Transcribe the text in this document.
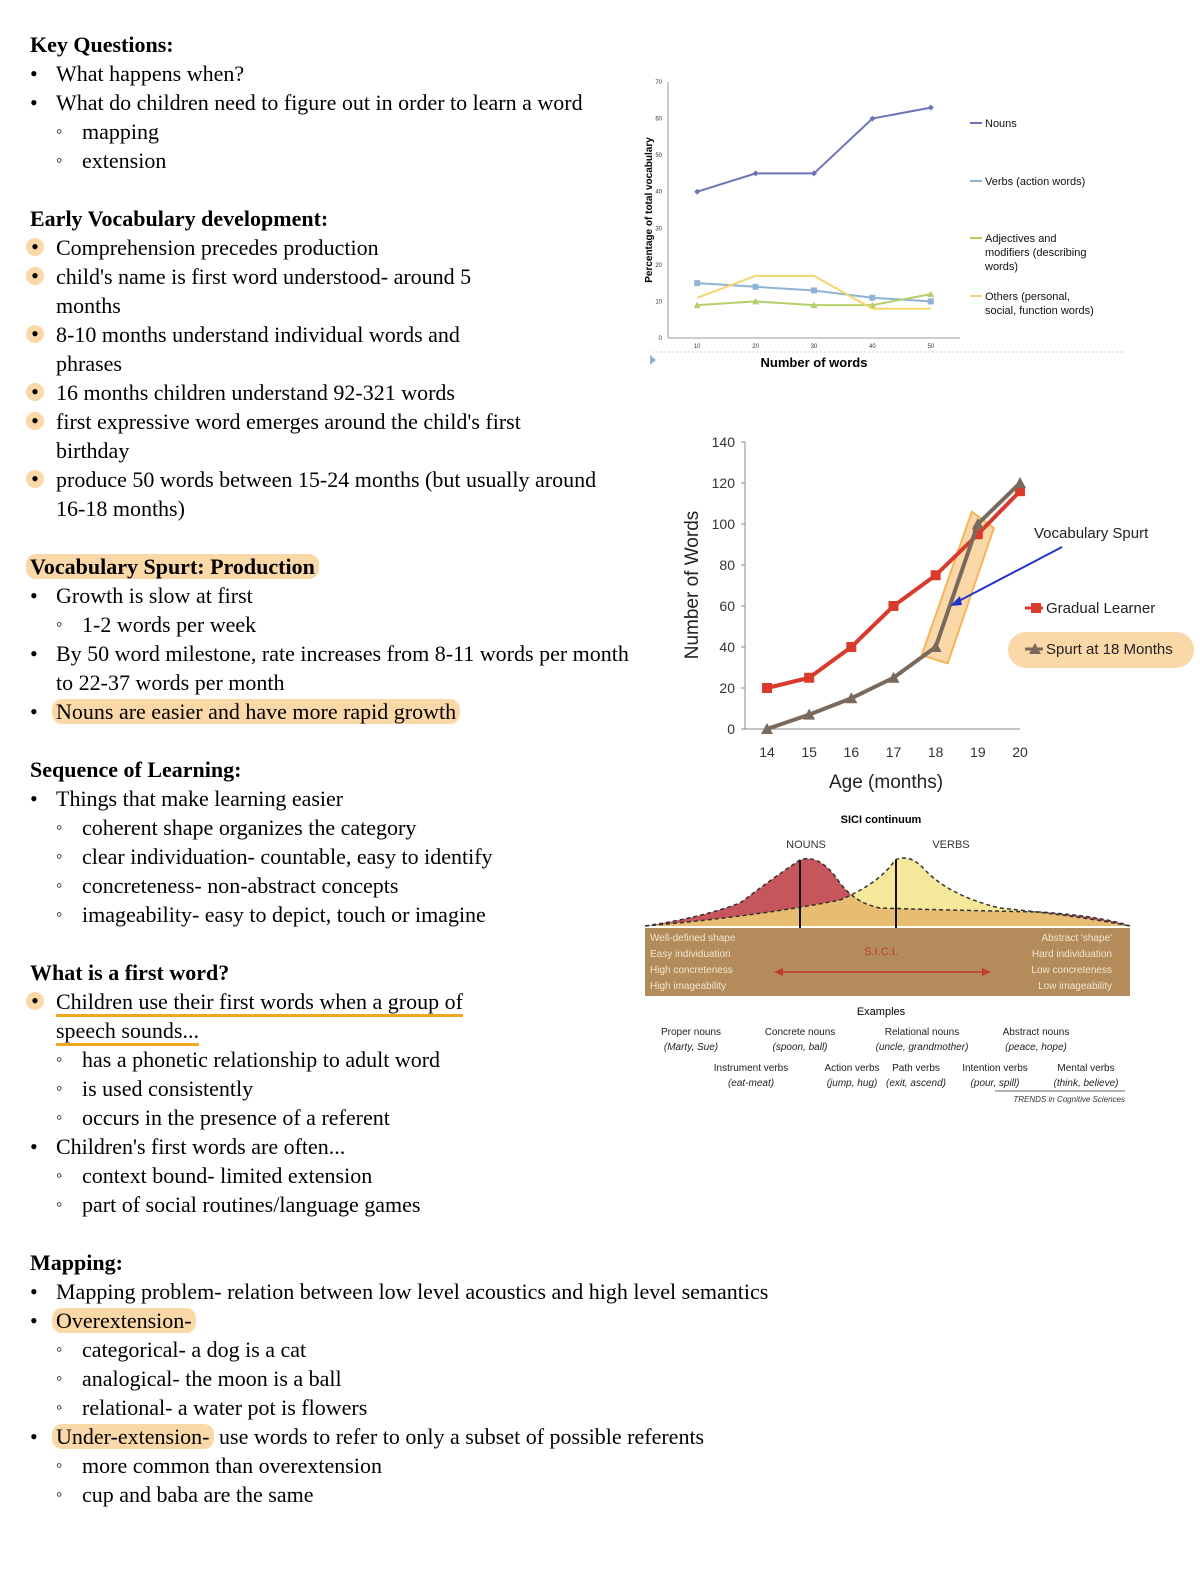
Key Questions:
• What happens when?
• What do children need to figure out in order to learn a word
◦ mapping
◦ extension
Early Vocabulary development:
• Comprehension precedes production
• child's name is first word understood- around 5 months
• 8-10 months understand individual words and phrases
• 16 months children understand 92-321 words
• first expressive word emerges around the child's first birthday
• produce 50 words between 15-24 months (but usually around 16-18 months)
Vocabulary Spurt: Production
• Growth is slow at first
◦ 1-2 words per week
• By 50 word milestone, rate increases from 8-11 words per month to 22-37 words per month
• Nouns are easier and have more rapid growth
Sequence of Learning:
• Things that make learning easier
◦ coherent shape organizes the category
◦ clear individuation- countable, easy to identify
◦ concreteness- non-abstract concepts
◦ imageability- easy to depict, touch or imagine
What is a first word?
• Children use their first words when a group of speech sounds...
◦ has a phonetic relationship to adult word
◦ is used consistently
◦ occurs in the presence of a referent
• Children's first words are often...
◦ context bound- limited extension
◦ part of social routines/language games
Mapping:
• Mapping problem- relation between low level acoustics and high level semantics
• Overextension-
◦ categorical- a dog is a cat
◦ analogical- the moon is a ball
◦ relational- a water pot is flowers
• Under-extension- use words to refer to only a subset of possible referents
◦ more common than overextension
◦ cup and baba are the same
0
10
20
30
40
50
60
70
10	20	30	40	50
Nouns
Verbs (action words)
Adjectives and modifiers (describing words)
Others (personal, social, function words)
Percentage of total vocabulary
Number of words
0
20
40
60
80
100
120
140
14 15 16 17 18 19 20
Gradual Learner
Spurt at 18 Months
Number of Words
Age (months)
Vocabulary Spurt
SICI continuum
NOUNS	VERBS
Well-defined shape
Easy individuation
High concreteness
High imageability
Abstract 'shape'
Hard individuation
Low concreteness
Low imageability
S.I.C.I.
Examples
Proper nouns
(Marty, Sue)
Concrete nouns
(spoon, ball)
Relational nouns
(uncle, grandmother)
Abstract nouns
(peace, hope)
Instrument verbs
(eat-meat)
Action verbs
(jump, hug)
Path verbs
(exit, ascend)
Intention verbs
(pour, spill)
Mental verbs
(think, believe)
TRENDS in Cognitive Sciences
